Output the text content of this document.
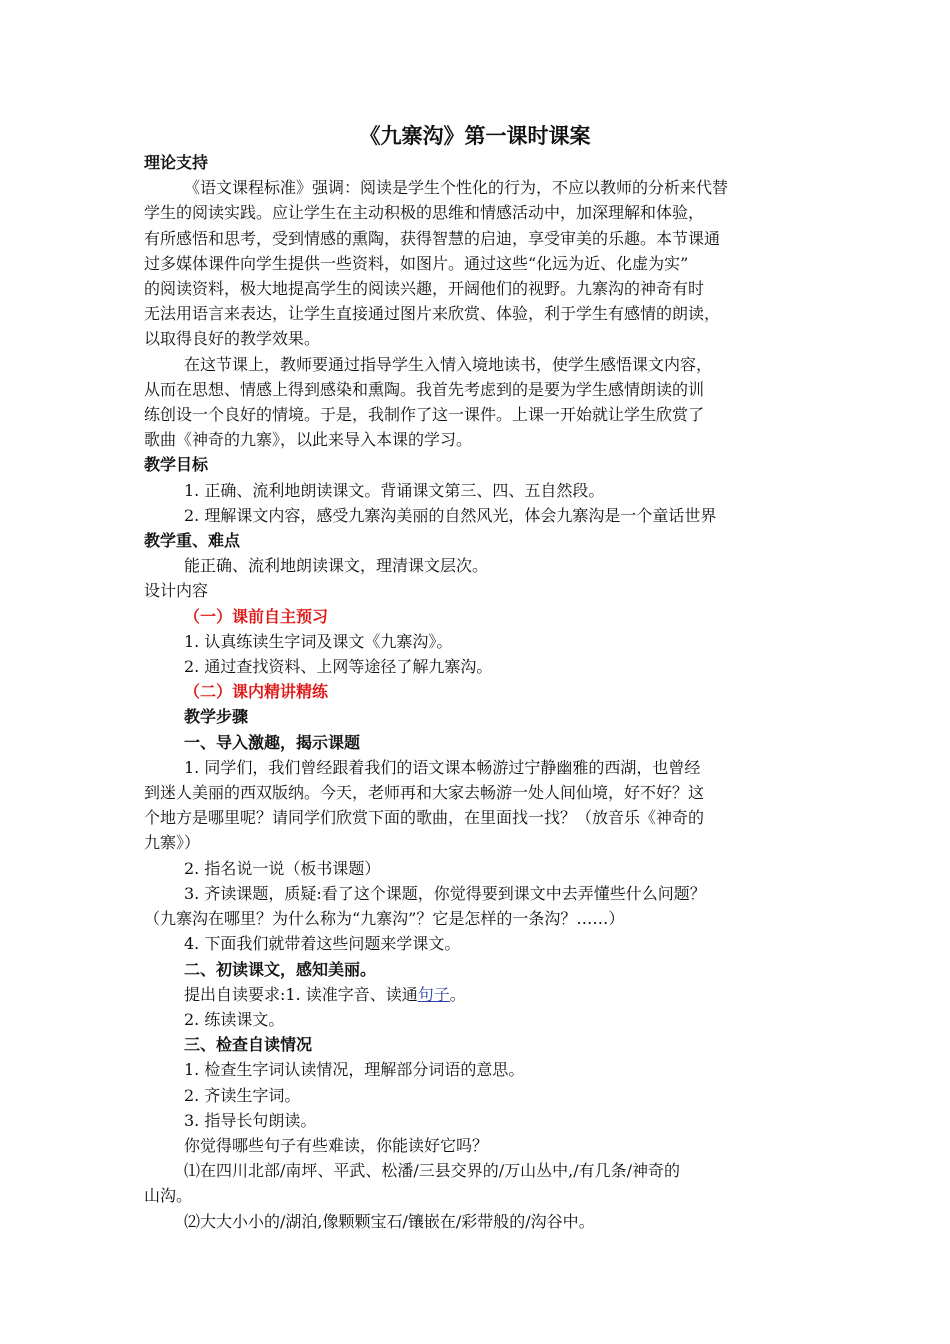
《九寨沟》第一课时课案
理论支持
《语文课程标准》强调：阅读是学生个性化的行为，不应以教师的分析来代替
学生的阅读实践。应让学生在主动积极的思维和情感活动中，加深理解和体验，
有所感悟和思考，受到情感的熏陶，获得智慧的启迪，享受审美的乐趣。本节课通
过多媒体课件向学生提供一些资料，如图片。通过这些“化远为近、化虚为实”
的阅读资料，极大地提高学生的阅读兴趣，开阔他们的视野。九寨沟的神奇有时
无法用语言来表达，让学生直接通过图片来欣赏、体验，利于学生有感情的朗读，
以取得良好的教学效果。
在这节课上，教师要通过指导学生入情入境地读书，使学生感悟课文内容，
从而在思想、情感上得到感染和熏陶。我首先考虑到的是要为学生感情朗读的训
练创设一个良好的情境。于是，我制作了这一课件。上课一开始就让学生欣赏了
歌曲《神奇的九寨》，以此来导入本课的学习。
教学目标
1. 正确、流利地朗读课文。背诵课文第三、四、五自然段。
2. 理解课文内容，感受九寨沟美丽的自然风光，体会九寨沟是一个童话世界
教学重、难点
能正确、流利地朗读课文，理清课文层次。
设计内容
（一）课前自主预习
1. 认真练读生字词及课文《九寨沟》。
2. 通过查找资料、上网等途径了解九寨沟。
（二）课内精讲精练
教学步骤
一、导入激趣，揭示课题
1. 同学们，我们曾经跟着我们的语文课本畅游过宁静幽雅的西湖，也曾经
到迷人美丽的西双版纳。今天，老师再和大家去畅游一处人间仙境，好不好？这
个地方是哪里呢？请同学们欣赏下面的歌曲，在里面找一找？（放音乐《神奇的
九寨》）
2. 指名说一说（板书课题）
3. 齐读课题，质疑:看了这个课题，你觉得要到课文中去弄懂些什么问题？
（九寨沟在哪里？为什么称为“九寨沟”？它是怎样的一条沟？……）
4. 下面我们就带着这些问题来学课文。
二、初读课文，感知美丽。
提出自读要求:1. 读准字音、读通句子。
2. 练读课文。
三、检查自读情况
1. 检查生字词认读情况，理解部分词语的意思。
2. 齐读生字词。
3. 指导长句朗读。
你觉得哪些句子有些难读，你能读好它吗？
⑴在四川北部/南坪、平武、松潘/三县交界的/万山丛中,/有几条/神奇的
山沟。
⑵大大小小的/湖泊,像颗颗宝石/镶嵌在/彩带般的/沟谷中。
